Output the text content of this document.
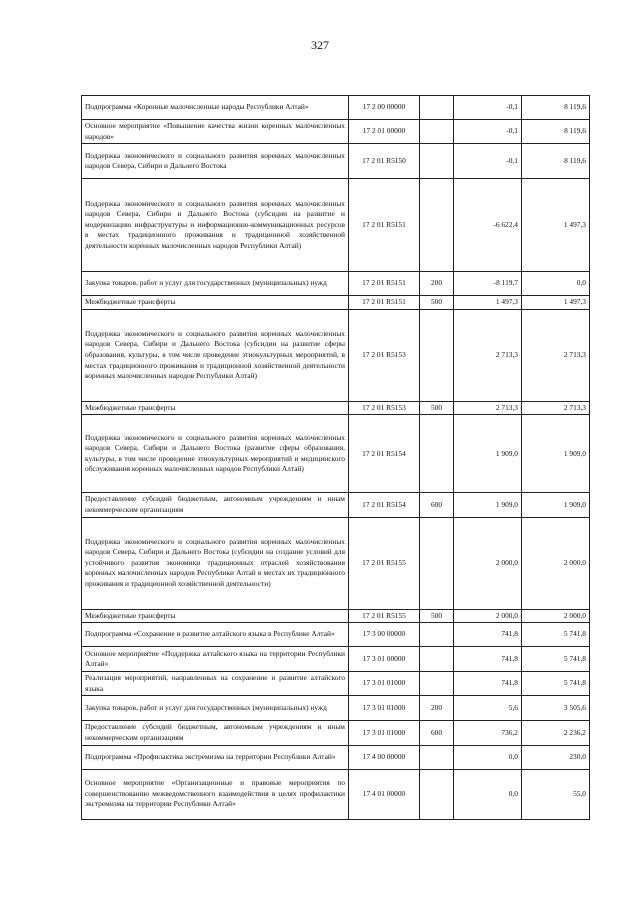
327
Подпрограмма «Коренные малочисленные народы Республики Алтай»	17 2 00 00000		-0,1	8 119,6
Основное мероприятие «Повышение качества жизни коренных малочисленных народов»	17 2 01 00000		-0,1	8 119,6
Поддержка экономического и социального развития коренных малочисленных народов Севера, Сибири и Дальнего Востока	17 2 01 R5150		-0,1	8 119,6
Поддержка экономического и социального развития коренных малочисленных народов Севера, Сибири и Дальнего Востока (субсидии на развитие и модернизацию инфраструктуры и информационно-коммуникационных ресурсов в местах традиционного проживания и традиционной хозяйственной деятельности коренных малочисленных народов Республики Алтай)	17 2 01 R5151		-6 622,4	1 497,3
Закупка товаров, работ и услуг для государственных (муниципальных) нужд	17 2 01 R5151	200	-8 119,7	0,0
Межбюджетные трансферты	17 2 01 R5151	500	1 497,3	1 497,3
Поддержка экономического и социального развития коренных малочисленных народов Севера, Сибири и Дальнего Востока (субсидии на развитие сферы образования, культуры, в том числе проведение этнокультурных мероприятий, в местах традиционного проживания и традиционной хозяйственной деятельности коренных малочисленных народов Республики Алтай)	17 2 01 R5153		2 713,3	2 713,3
Межбюджетные трансферты	17 2 01 R5153	500	2 713,3	2 713,3
Поддержка экономического и социального развития коренных малочисленных народов Севера, Сибири и Дальнего Востока (развитие сферы образования, культуры, в том числе проведение этнокультурных мероприятий и медицинского обслуживания коренных малочисленных народов Республики Алтай)	17 2 01 R5154		1 909,0	1 909,0
Предоставление субсидий бюджетным, автономным учреждениям и иным некоммерческим организациям	17 2 01 R5154	600	1 909,0	1 909,0
Поддержка экономического и социального развития коренных малочисленных народов Севера, Сибири и Дальнего Востока (субсидии на создание условий для устойчивого развития экономики традиционных отраслей хозяйствования коренных малочисленных народов Республики Алтай в местах их традиционного проживания и традиционной хозяйственной деятельности)	17 2 01 R5155		2 000,0	2 000,0
Межбюджетные трансферты	17 2 01 R5155	500	2 000,0	2 000,0
Подпрограмма «Сохранение и развитие алтайского языка в Республике Алтай»	17 3 00 00000		741,8	5 741,8
Основное мероприятие «Поддержка алтайского языка на территории Республики Алтай»	17 3 01 00000		741,8	5 741,8
Реализация мероприятий, направленных на сохранение и развитие алтайского языка	17 3 01 01000		741,8	5 741,8
Закупка товаров, работ и услуг для государственных (муниципальных) нужд	17 3 01 01000	200	5,6	3 505,6
Предоставление субсидий бюджетным, автономным учреждениям и иным некоммерческим организациям	17 3 01 01000	600	736,2	2 236,2
Подпрограмма «Профилактика экстремизма на территории Республики Алтай»	17 4 00 00000		0,0	230,0
Основное мероприятие «Организационные и правовые мероприятия по совершенствованию межведомственного взаимодействия в целях профилактики экстремизма на территории Республики Алтай»	17 4 01 00000		0,0	55,0
